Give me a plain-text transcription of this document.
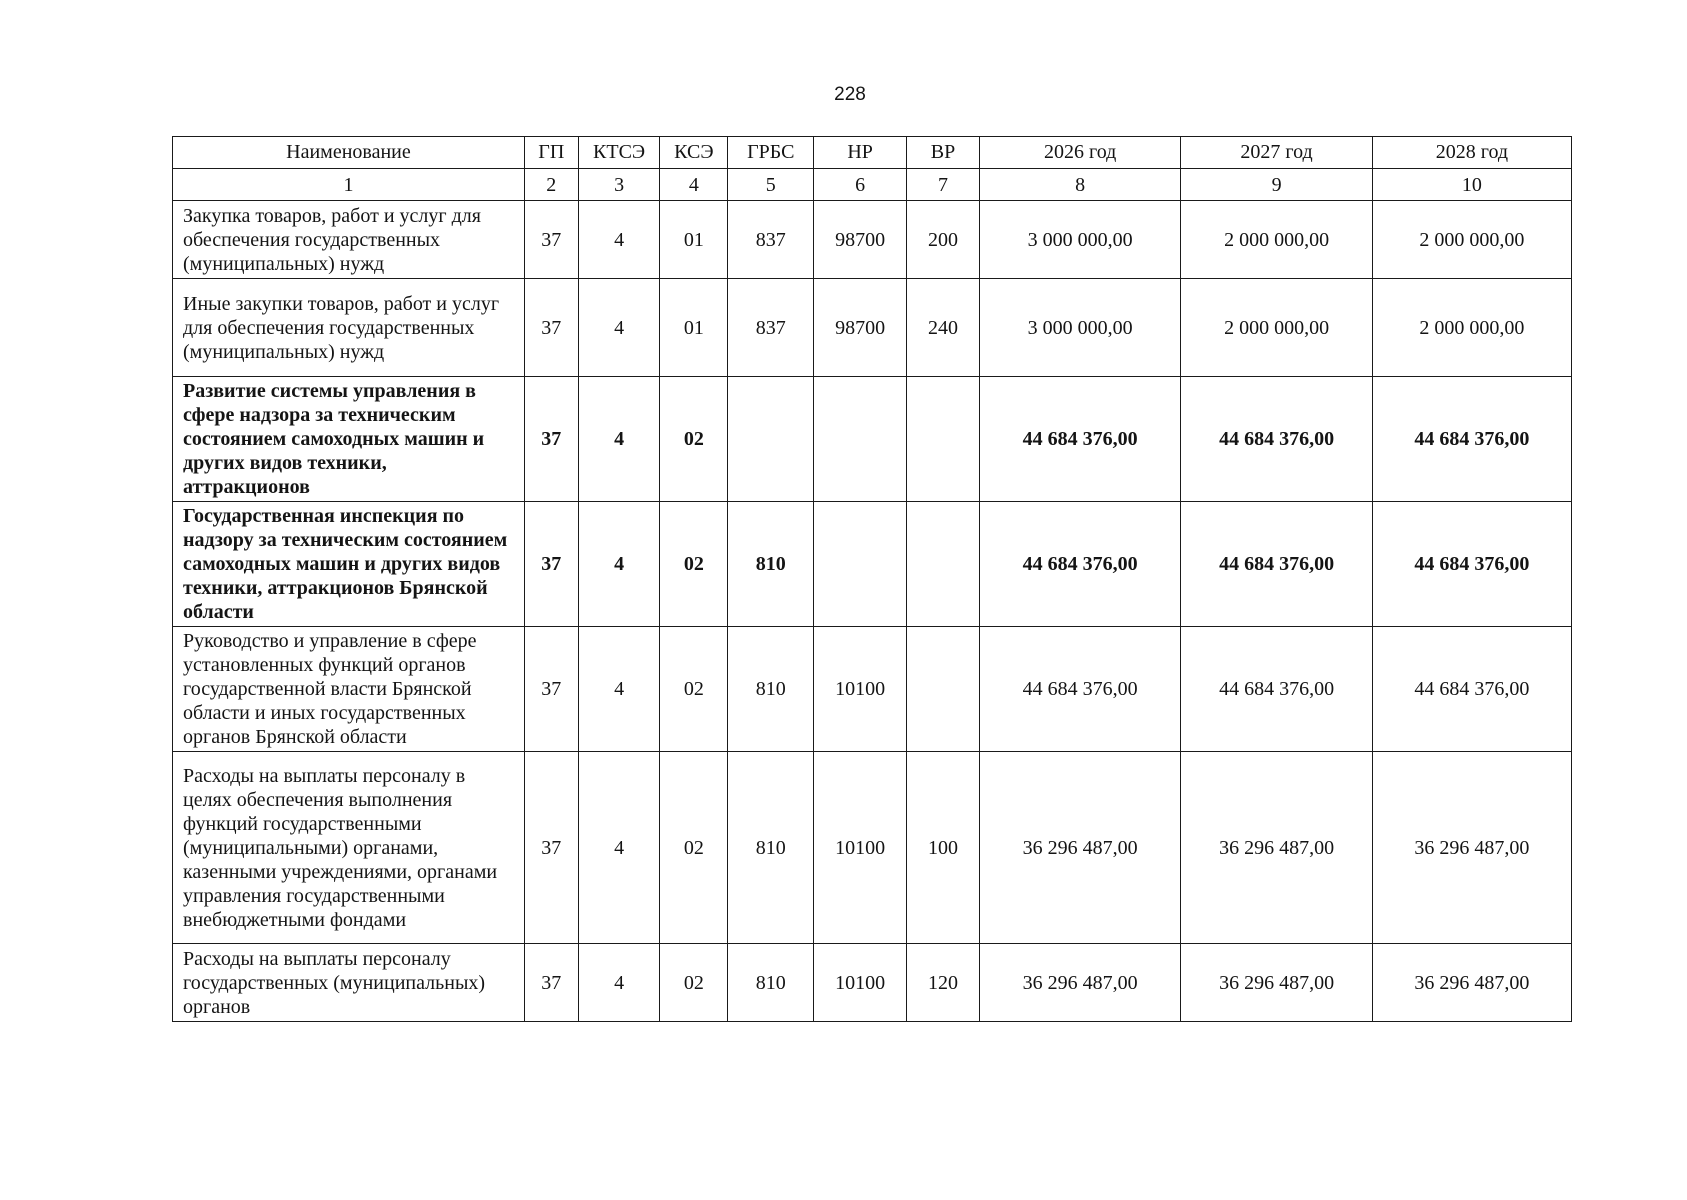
228
Наименование	ГП	КТСЭ	КСЭ	ГРБС	НР	ВР	2026 год	2027 год	2028 год
1	2	3	4	5	6	7	8	9	10
Закупка товаров, работ и услуг для обеспечения государственных (муниципальных) нужд	37	4	01	837	98700	200	3 000 000,00	2 000 000,00	2 000 000,00
Иные закупки товаров, работ и услуг для обеспечения государственных (муниципальных) нужд	37	4	01	837	98700	240	3 000 000,00	2 000 000,00	2 000 000,00
Развитие системы управления в сфере надзора за техническим состоянием самоходных машин и других видов техники, аттракционов	37	4	02				44 684 376,00	44 684 376,00	44 684 376,00
Государственная инспекция по надзору за техническим состоянием самоходных машин и других видов техники, аттракционов Брянской области	37	4	02	810			44 684 376,00	44 684 376,00	44 684 376,00
Руководство и управление в сфере установленных функций органов государственной власти Брянской области и иных государственных органов Брянской области	37	4	02	810	10100		44 684 376,00	44 684 376,00	44 684 376,00
Расходы на выплаты персоналу в целях обеспечения выполнения функций государственными (муниципальными) органами, казенными учреждениями, органами управления государственными внебюджетными фондами	37	4	02	810	10100	100	36 296 487,00	36 296 487,00	36 296 487,00
Расходы на выплаты персоналу государственных (муниципальных) органов	37	4	02	810	10100	120	36 296 487,00	36 296 487,00	36 296 487,00
